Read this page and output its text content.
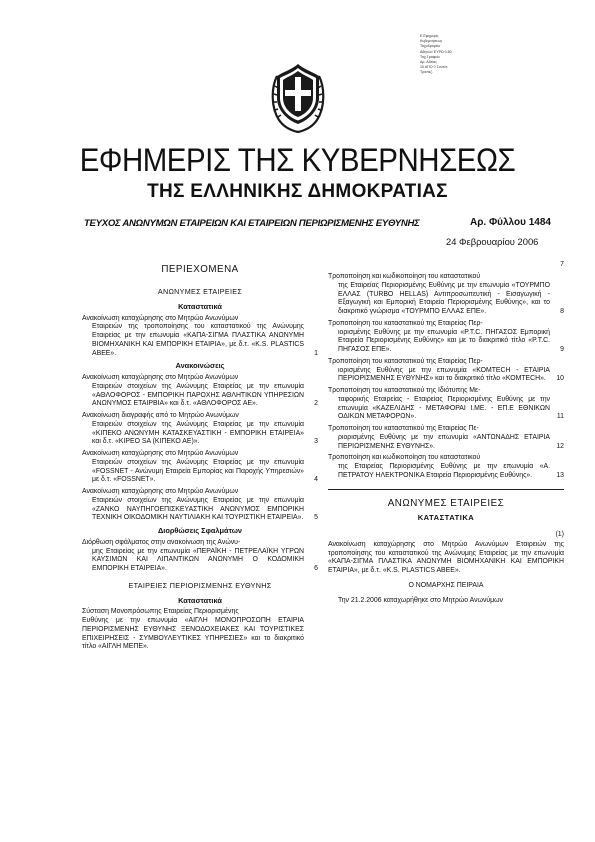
Ε.Εφημερίς
Κυβερνήσεως
Ταχυδρομείο
Αθηνών ΕΥΡΩ 0.80
Ταχ.Γραφείο
Αρ. Αδείας
10 ΑΠΟ 0 Συνεντ.
Τραπεζ.
ΕΦΗΜΕΡΙΣ ΤΗΣ ΚΥΒΕΡΝΗΣΕΩΣ
ΤΗΣ ΕΛΛΗΝΙΚΗΣ ΔΗΜΟΚΡΑΤΙΑΣ
ΤΕΥΧΟΣ ΑΝΩΝΥΜΩΝ ΕΤΑΙΡΕΙΩΝ ΚΑΙ ΕΤΑΙΡΕΙΩΝ ΠΕΡΙΩΡΙΣΜΕΝΗΣ ΕΥΘΥΝΗΣ	Αρ. Φύλλου 1484
24 Φεβρουαρίου 2006
ΠΕΡΙΕΧΟΜΕΝΑ
ΑΝΩΝΥΜΕΣ ΕΤΑΙΡΕΙΕΣ
Καταστατικά

Ανακοίνωση καταχώρησης στο Μητρώο Ανωνύμων

Εταιρειών της τροποποίησης του καταστατικού της Ανώνυμης Εταιρείας με την επωνυμία «ΚΑΠΑ-ΣΙΓΜΑ ΠΛΑΣΤΙΚΑ ΑΝΩΝΥΜΗ ΒΙΟΜΗΧΑΝΙΚΗ ΚΑΙ ΕΜΠΟΡΙΚΗ ΕΤΑΙΡΙΑ», με δ.τ. «Κ.S. PLASTICS ABEE».	1
Ανακοινώσεις

Ανακοίνωση καταχώρησης στο Μητρώο Ανωνύμων

Εταιρειών στοιχείων της Ανώνυμης Εταιρείας με την επωνυμία «ΑΘΛΟΦΟΡΟΣ - ΕΜΠΟΡΙΚΗ ΠΑΡΟΧΗΣ ΑΘΛΗΤΙΚΩΝ ΥΠΗΡΕΣΙΩΝ ΑΝΩΝΥΜΟΣ ΕΤΑΙΡΒΙΑ» και δ.τ. «ΑΘΛΟΦΟΡΟΣ ΑΕ».	2

Ανακοίνωση διαγραφής από το Μητρώο Ανωνύμων

Εταιρειών στοιχείων της Ανώνυμης Εταιρείας με την επωνυμία «ΚΙΠΕΚΟ ΑΝΩΝΥΜΗ ΚΑΤΑΣΚΕΥΑΣΤΙΚΗ - ΕΜΠΟΡΙΚΗ ΕΤΑΙΡΕΙΑ» και δ.τ. «ΚΙΡΕΟ SA (ΚΙΠΕΚΟ ΑΕ)».	3

Ανακοίνωση καταχώρησης στο Μητρώο Ανωνύμων

Εταιρειών στοιχείων της Ανώνυμης Εταιρείας με την επωνυμία «FOSSNET - Ανώνυμη Εταιρεία Εμπορίας και Παροχής Υπηρεσιών» με δ.τ. «FOSSNET».	4

Ανακοίνωση καταχώρησης στο Μητρώο Ανωνύμων

Εταιρειών στοιχείων της Ανώνυμης Εταιρείας με την επωνυμία «ΖΑΝΚΟ ΝΑΥΠΗΓΟΕΠΙΣΚΕΥΑΣΤΙΚΗ ΑΝΩΝΥΜΟΣ ΕΜΠΟΡΙΚΗ ΤΕΧΝΙΚΗ ΟΙΚΟΔΟΜΙΚΗ ΝΑΥΤΙΛΙΑΚΗ ΚΑΙ ΤΟΥΡΙΣΤΙΚΗ ΕΤΑΙΡΕΙΑ».	5
Διορθώσεις Σφαλμάτων

Διόρθωση σφάλματος στην ανακοίνωση της Ανώνυ-

μης Εταιρείας με την επωνυμία «ΠΕΡΑΪΚΗ - ΠΕΤΡΕΛΑΪΚΗ ΥΓΡΩΝ ΚΑΥΣΙΜΩΝ ΚΑΙ ΛΙΠΑΝΤΙΚΩΝ ΑΝΩΝΥΜΗ Ο ΚΟΔΟΜΙΚΗ ΕΜΠΟΡΙΚΗ ΕΤΑΙΡΕΙΑ».	6
ΕΤΑΙΡΕΙΕΣ ΠΕΡΙΟΡΙΣΜΕΝΗΣ ΕΥΘΥΝΗΣ
Καταστατικά

Σύσταση Μονοπρόσωπης Εταιρείας Περιορισμένης

Ευθύνης με την επωνυμία «ΑΙΓΛΗ ΜΟΝΟΠΡΟΣΩΠΗ ΕΤΑΙΡΙΑ ΠΕΡΙΟΡΙΣΜΕΝΗΣ ΕΥΘΥΝΗΣ ΞΕΝΟΔΟΧΕΙΑΚΕΣ ΚΑΙ ΤΟΥΡΙΣΤΙΚΕΣ ΕΠΙΧΕΙΡΗΣΕΙΣ - ΣΥΜΒΟΥΛΕΥΤΙΚΕΣ ΥΠΗΡΕΣΙΕΣ» και το διακριτικό τίτλο «ΑΙΓΛΗ ΜΕΠΕ».

7

Τροποποίηση και κωδικοποίηση του καταστατικού

της Εταιρείας Περιορισμένης Ευθύνης με την επωνυμία «ΤΟΥΡΜΠΟ ΕΛΛΑΣ (TURBO HELLAS) Αντιπροσωπευτική - Εισαγωγική - Εξαγωγική και Εμπορική Εταιρεία Περιορισμένης Ευθύνης», και το διακριτικό γνώρισμα «ΤΟΥΡΜΠΟ ΕΛΛΑΣ ΕΠΕ».	8

Τροποποίηση του καταστατικού της Εταιρείας Περ-

ιορισμένης Ευθύνης με την επωνυμία «Ρ.Τ.C. ΠΗΓΑΣΟΣ Εμπορική Εταιρεία Περιορισμένης Ευθύνης» και με το διακριτικό τίτλο «Ρ.Τ.C. ΠΗΓΑΣΟΣ ΕΠΕ».	9

Τροποποίηση του καταστατικού της Εταιρείας Περ-

ιορισμένης Ευθύνης με την επωνυμία «ΚΟΜΤΕCΗ - ΕΤΑΙΡΙΑ ΠΕΡΙΟΡΙΣΜΕΝΗΣ ΕΥΘΥΝΗΣ» και το διακριτικό τίτλο «ΚΟΜΤΕCΗ».	10

Τροποποίηση του καταστατικού της Ιδιότυπης Με-

ταφορικής Εταιρείας - Εταιρείας Περιορισμένης Ευθύνης με την επωνυμία «ΚΑΖΕΛΙΔΗΣ - ΜΕΤΑΦΟΡΑΙ Ι.ΜΕ. - ΕΠ.Ε ΕΘΝΙΚΩΝ ΟΔΙΚΩΝ ΜΕΤΑΦΟΡΩΝ».	11

Τροποποίηση του καταστατικού της Εταιρείας Πε-

ριορισμένης Ευθύνης με την επωνυμία «ΑΝΤΩΝΑΔΗΣ ΕΤΑΙΡΙΑ ΠΕΡΙΩΡΙΣΜΕΝΗΣ ΕΥΘΥΝΗΣ».	12

Τροποποίηση και κωδικοποίηση του καταστατικού

της Εταιρείας Περιορισμένης Ευθύνης με την επωνυμία «Α. ΠΕΤΡΑΤΟΥ ΗΛΕΚΤΡΟΝΙΚΑ Εταιρεία Περιορισμένης Ευθύνης».	13
ΑΝΩΝΥΜΕΣ ΕΤΑΙΡΕΙΕΣ
ΚΑΤΑΣΤΑΤΙΚΑ
(1)

Ανακοίνωση καταχώρησης στο Μητρώο Ανωνύμων Εταιρειών της τροποποίησης του καταστατικού της Ανώνυμης Εταιρείας με την επωνυμία «ΚΑΠΑ-ΣΙΓΜΑ ΠΛΑΣΤΙΚΑ ΑΝΩΝΥΜΗ ΒΙΟΜΗΧΑΝΙΚΗ ΚΑΙ ΕΜΠΟΡΙΚΗ ΕΤΑΙΡΙΑ», με δ.τ. «Κ.S. PLASTICS ABEE».

Ο ΝΟΜΑΡΧΗΣ ΠΕΙΡΑΙΑ

Την 21.2.2006 καταχωρήθηκε στο Μητρώο Ανωνύμων
